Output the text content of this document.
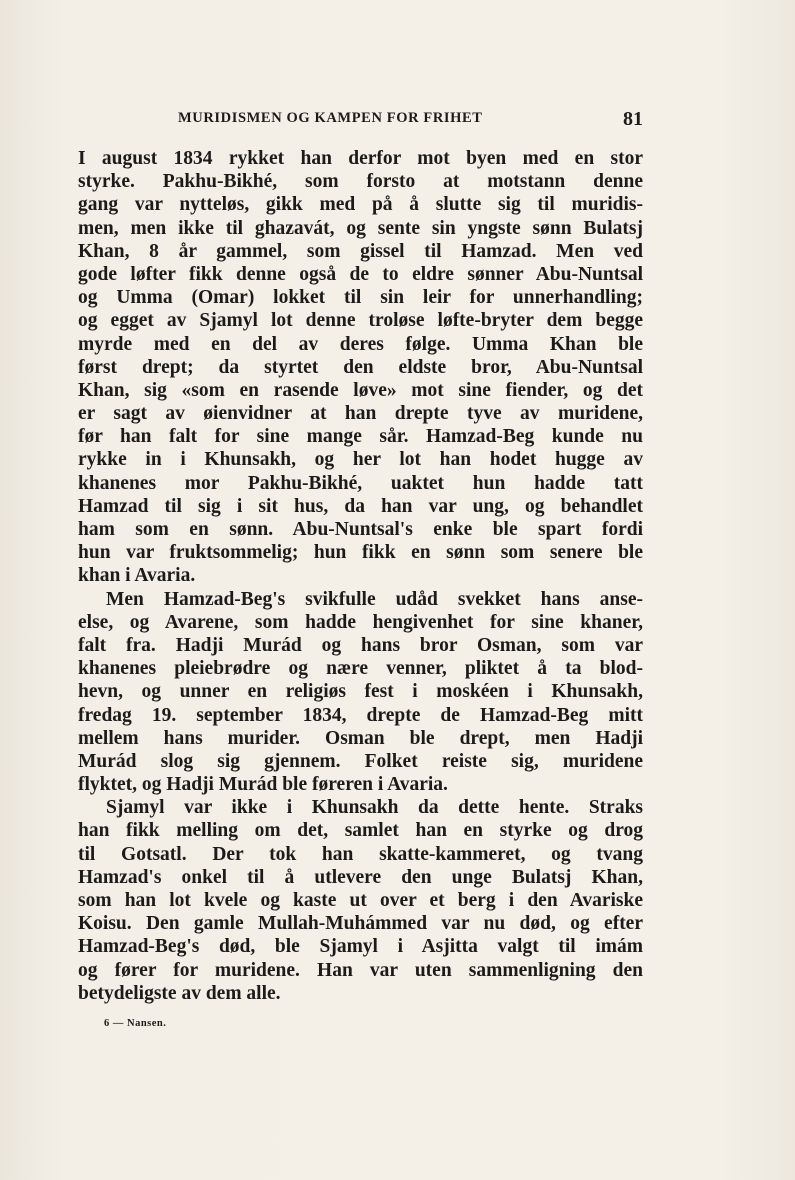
MURIDISMEN OG KAMPEN FOR FRIHET	81
I august 1834 rykket han derfor mot byen med en stor
styrke. Pakhu-Bikhé, som forsto at motstann denne
gang var nytteløs, gikk med på å slutte sig til muridis-
men, men ikke til ghazavát, og sente sin yngste sønn Bulatsj
Khan, 8 år gammel, som gissel til Hamzad. Men ved
gode løfter fikk denne også de to eldre sønner Abu-Nuntsal
og Umma (Omar) lokket til sin leir for unnerhandling;
og egget av Sjamyl lot denne troløse løfte-bryter dem begge
myrde med en del av deres følge. Umma Khan ble
først drept; da styrtet den eldste bror, Abu-Nuntsal
Khan, sig «som en rasende løve» mot sine fiender, og det
er sagt av øienvidner at han drepte tyve av muridene,
før han falt for sine mange sår. Hamzad-Beg kunde nu
rykke in i Khunsakh, og her lot han hodet hugge av
khanenes mor Pakhu-Bikhé, uaktet hun hadde tatt
Hamzad til sig i sit hus, da han var ung, og behandlet
ham som en sønn. Abu-Nuntsal's enke ble spart fordi
hun var fruktsommelig; hun fikk en sønn som senere ble
khan i Avaria.
Men Hamzad-Beg's svikfulle udåd svekket hans anse-
else, og Avarene, som hadde hengivenhet for sine khaner,
falt fra. Hadji Murád og hans bror Osman, som var
khanenes pleiebrødre og nære venner, pliktet å ta blod-
hevn, og unner en religiøs fest i moskéen i Khunsakh,
fredag 19. september 1834, drepte de Hamzad-Beg mitt
mellem hans murider. Osman ble drept, men Hadji
Murád slog sig gjennem. Folket reiste sig, muridene
flyktet, og Hadji Murád ble føreren i Avaria.
Sjamyl var ikke i Khunsakh da dette hente. Straks
han fikk melling om det, samlet han en styrke og drog
til Gotsatl. Der tok han skatte-kammeret, og tvang
Hamzad's onkel til å utlevere den unge Bulatsj Khan,
som han lot kvele og kaste ut over et berg i den Avariske
Koisu. Den gamle Mullah-Muhámmed var nu død, og efter
Hamzad-Beg's død, ble Sjamyl i Asjitta valgt til imám
og fører for muridene. Han var uten sammenligning den
betydeligste av dem alle.
6 — Nansen.
